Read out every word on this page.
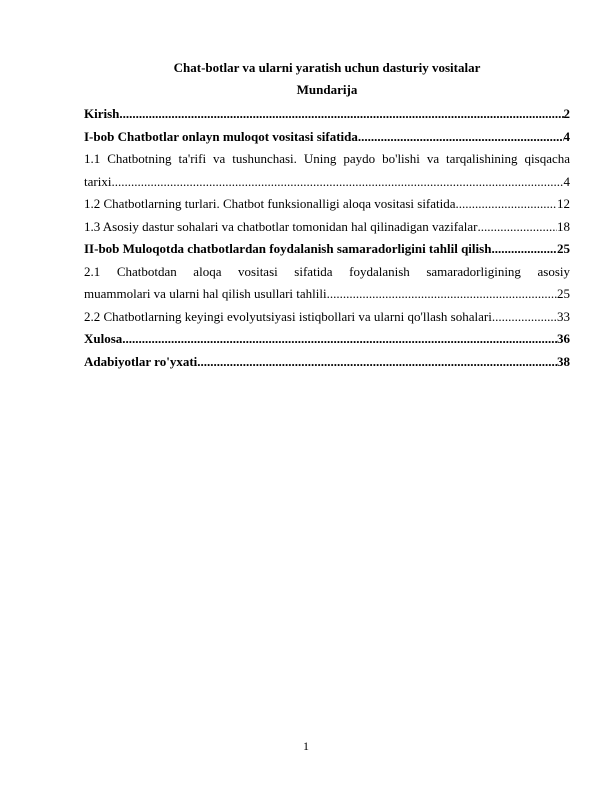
Chat-botlar va ularni yaratish uchun dasturiy vositalar
Mundarija
Kirish .....	2
I-bob Chatbotlar onlayn muloqot vositasi sifatida .....	4
1.1 Chatbotning ta'rifi va tushunchasi. Uning paydo bo'lishi va tarqalishining qisqacha
tarixi .....	4
1.2 Chatbotlarning turlari. Chatbot funksionalligi aloqa vositasi sifatida .....	12
1.3 Asosiy dastur sohalari va chatbotlar tomonidan hal qilinadigan vazifalar .....	18
II-bob Muloqotda chatbotlardan foydalanish samaradorligini tahlil qilish .....	25
2.1 Chatbotdan aloqa vositasi sifatida foydalanish samaradorligining asosiy
muammolari va ularni hal qilish usullari tahlili .....	25
2.2 Chatbotlarning keyingi evolyutsiyasi istiqbollari va ularni qo'llash sohalari .....	33
Xulosa .....	36
Adabiyotlar ro'yxati .....	38
1
